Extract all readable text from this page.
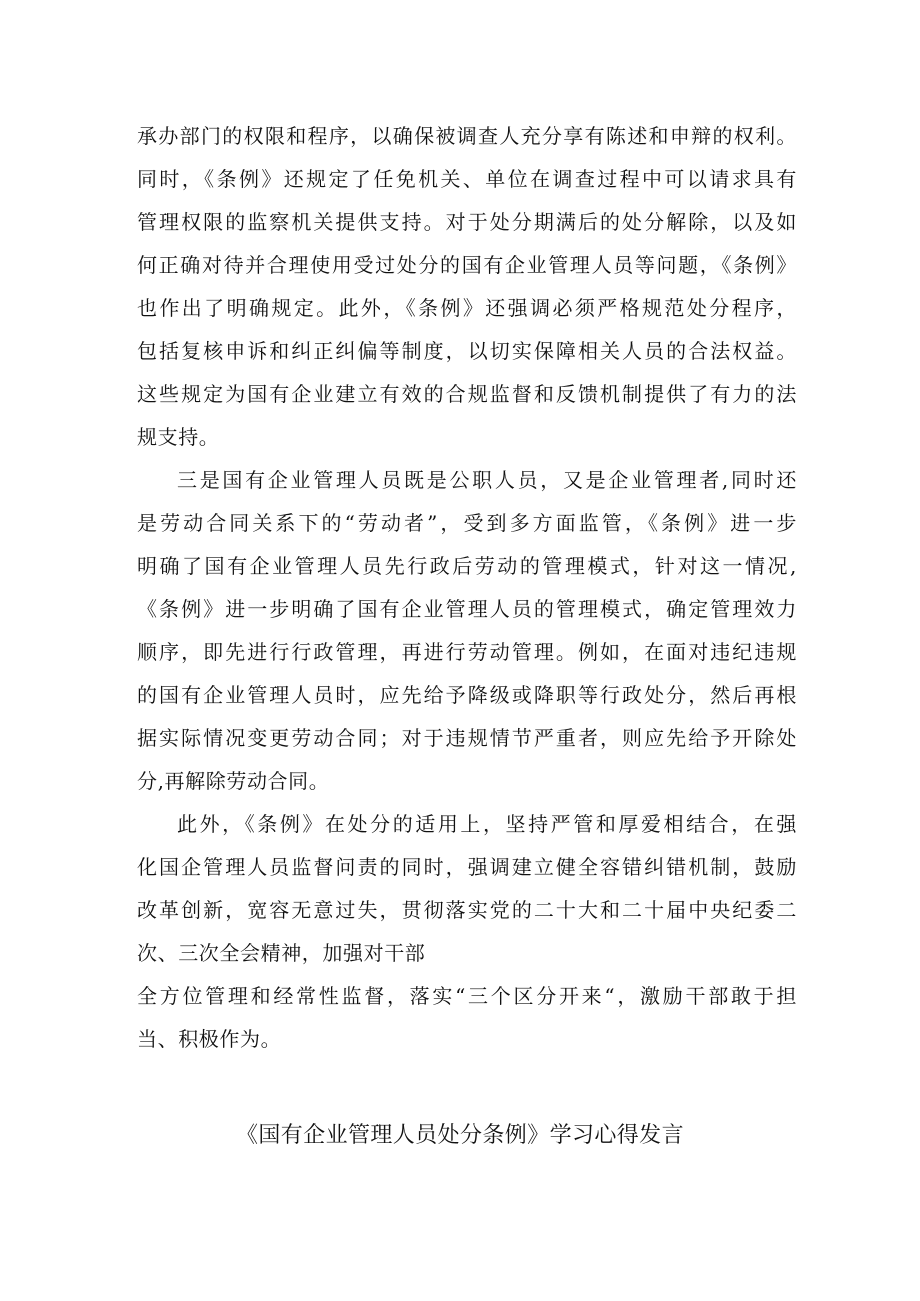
承办部门的权限和程序，以确保被调查人充分享有陈述和申辩的权利。
同时，《条例》还规定了任免机关、单位在调查过程中可以请求具有
管理权限的监察机关提供支持。对于处分期满后的处分解除，以及如
何正确对待并合理使用受过处分的国有企业管理人员等问题，《条例》
也作出了明确规定。此外，《条例》还强调必须严格规范处分程序，
包括复核申诉和纠正纠偏等制度，以切实保障相关人员的合法权益。
这些规定为国有企业建立有效的合规监督和反馈机制提供了有力的法
规支持。
三是国有企业管理人员既是公职人员，又是企业管理者,同时还
是劳动合同关系下的“劳动者”，受到多方面监管，《条例》进一步
明确了国有企业管理人员先行政后劳动的管理模式，针对这一情况,
《条例》进一步明确了国有企业管理人员的管理模式，确定管理效力
顺序，即先进行行政管理，再进行劳动管理。例如，在面对违纪违规
的国有企业管理人员时，应先给予降级或降职等行政处分，然后再根
据实际情况变更劳动合同；对于违规情节严重者，则应先给予开除处
分,再解除劳动合同。
此外，《条例》在处分的适用上，坚持严管和厚爱相结合，在强
化国企管理人员监督问责的同时，强调建立健全容错纠错机制，鼓励
改革创新，宽容无意过失，贯彻落实党的二十大和二十届中央纪委二
次、三次全会精神，加强对干部
全方位管理和经常性监督，落实“三个区分开来“，激励干部敢于担
当、积极作为。
《国有企业管理人员处分条例》学习心得发言
